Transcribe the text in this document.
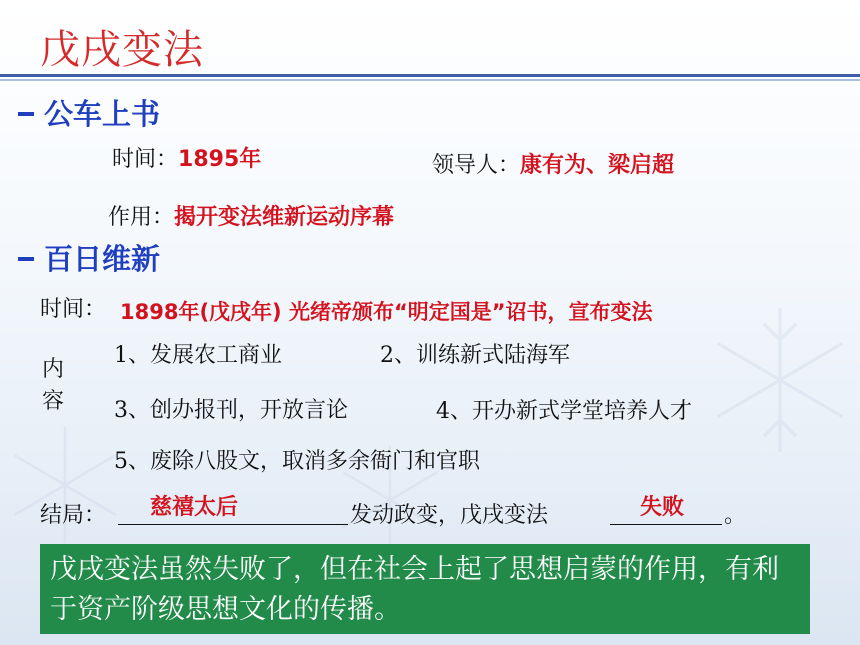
戊戌变法
公车上书
时间：1895年	领导人：康有为、梁启超
作用：揭开变法维新运动序幕
百日维新
时间： 1898年(戊戌年) 光绪帝颁布“明定国是”诏书，宣布变法
内
容
1、发展农工商业	2、训练新式陆海军
3、创办报刊，开放言论	4、开办新式学堂培养人才
5、废除八股文，取消多余衙门和官职
结局： 慈禧太后	发动政变，戊戌变法	失败 。
戊戌变法虽然失败了，但在社会上起了思想启蒙的作用，有利于资产阶级思想文化的传播。
